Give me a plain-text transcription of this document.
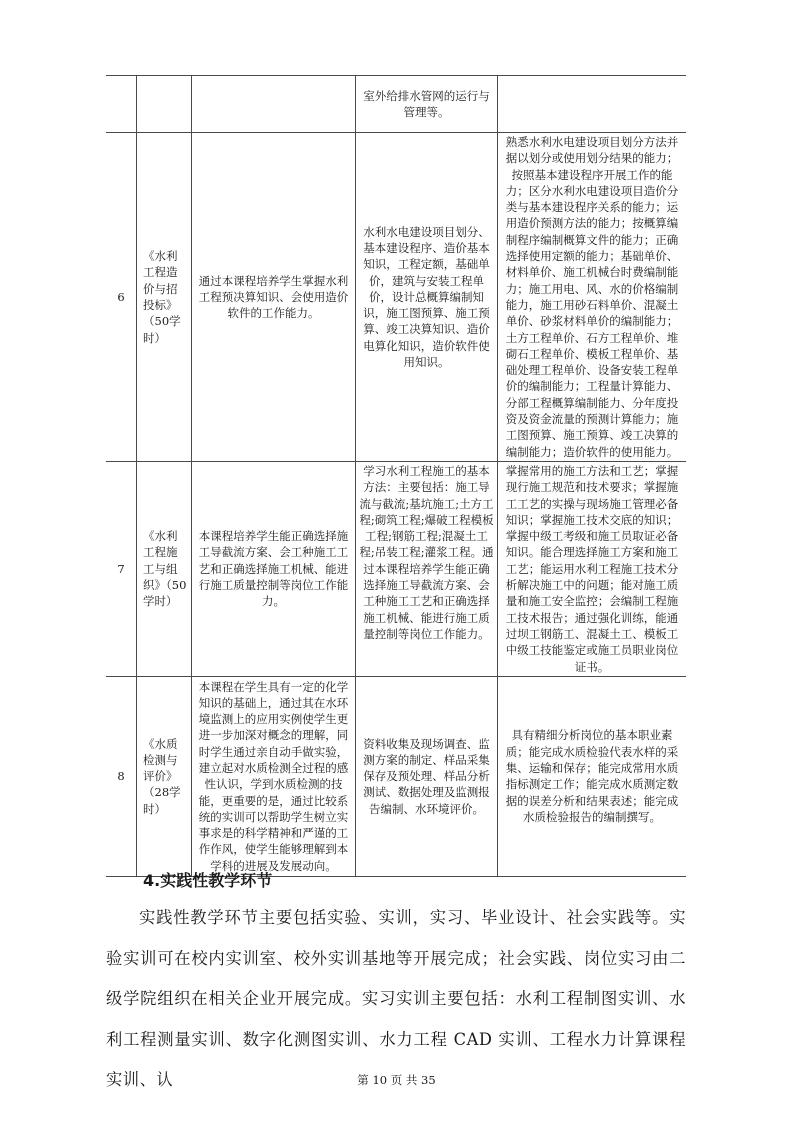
			室外给排水管网的运行与管理等。	
6	《水利工程造价与招投标》（50学时）	通过本课程培养学生掌握水利工程预决算知识、会使用造价软件的工作能力。	水利水电建设项目划分、基本建设程序、造价基本知识，工程定额，基础单价，建筑与安装工程单价，设计总概算编制知识，施工图预算、施工预算、竣工决算知识、造价电算化知识，造价软件使用知识。	熟悉水利水电建设项目划分方法并据以划分或使用划分结果的能力；按照基本建设程序开展工作的能力；区分水利水电建设项目造价分类与基本建设程序关系的能力；运用造价预测方法的能力；按概算编制程序编制概算文件的能力；正确选择使用定额的能力；基础单价、材料单价、施工机械台时费编制能力；施工用电、风、水的价格编制能力，施工用砂石料单价、混凝土单价、砂浆材料单价的编制能力；土方工程单价、石方工程单价、堆砌石工程单价、模板工程单价、基础处理工程单价、设备安装工程单价的编制能力；工程量计算能力、分部工程概算编制能力、分年度投资及资金流量的预测计算能力；施工图预算、施工预算、竣工决算的编制能力；造价软件的使用能力。
7	《水利工程施工与组织》（50学时）	本课程培养学生能正确选择施工导截流方案、会工种施工工艺和正确选择施工机械、能进行施工质量控制等岗位工作能力。	学习水利工程施工的基本方法：主要包括：施工导流与截流;基坑施工;土方工程;砌筑工程;爆破工程模板工程;钢筋工程;混凝土工程;吊装工程;灌浆工程。通过本课程培养学生能正确选择施工导截流方案、会工种施工工艺和正确选择施工机械、能进行施工质量控制等岗位工作能力。	掌握常用的施工方法和工艺；掌握现行施工规范和技术要求；掌握施工工艺的实操与现场施工管理必备知识；掌握施工技术交底的知识；掌握中级工考级和施工员取证必备知识。能合理选择施工方案和施工工艺；能运用水利工程施工技术分析解决施工中的问题；能对施工质量和施工安全监控；会编制工程施工技术报告；通过强化训练，能通过坝工钢筋工、混凝土工、模板工中级工技能鉴定或施工员职业岗位证书。
8	《水质检测与评价》（28学时）	本课程在学生具有一定的化学知识的基础上，通过其在水环境监测上的应用实例使学生更进一步加深对概念的理解，同时学生通过亲自动手做实验，建立起对水质检测全过程的感性认识，学到水质检测的技能，更重要的是，通过比较系统的实训可以帮助学生树立实事求是的科学精神和严谨的工作作风，使学生能够理解到本学科的进展及发展动向。	资料收集及现场调查、监测方案的制定、样品采集保存及预处理、样品分析测试、数据处理及监测报告编制、水环境评价。	具有精细分析岗位的基本职业素质；能完成水质检验代表水样的采集、运输和保存；能完成常用水质指标测定工作；能完成水质测定数据的误差分析和结果表述；能完成水质检验报告的编制撰写。
4.实践性教学环节
实践性教学环节主要包括实验、实训，实习、毕业设计、社会实践等。实验实训可在校内实训室、校外实训基地等开展完成；社会实践、岗位实习由二级学院组织在相关企业开展完成。实习实训主要包括：水利工程制图实训、水利工程测量实训、数字化测图实训、水力工程 CAD 实训、工程水力计算课程实训、认	第 10 页 共 35
